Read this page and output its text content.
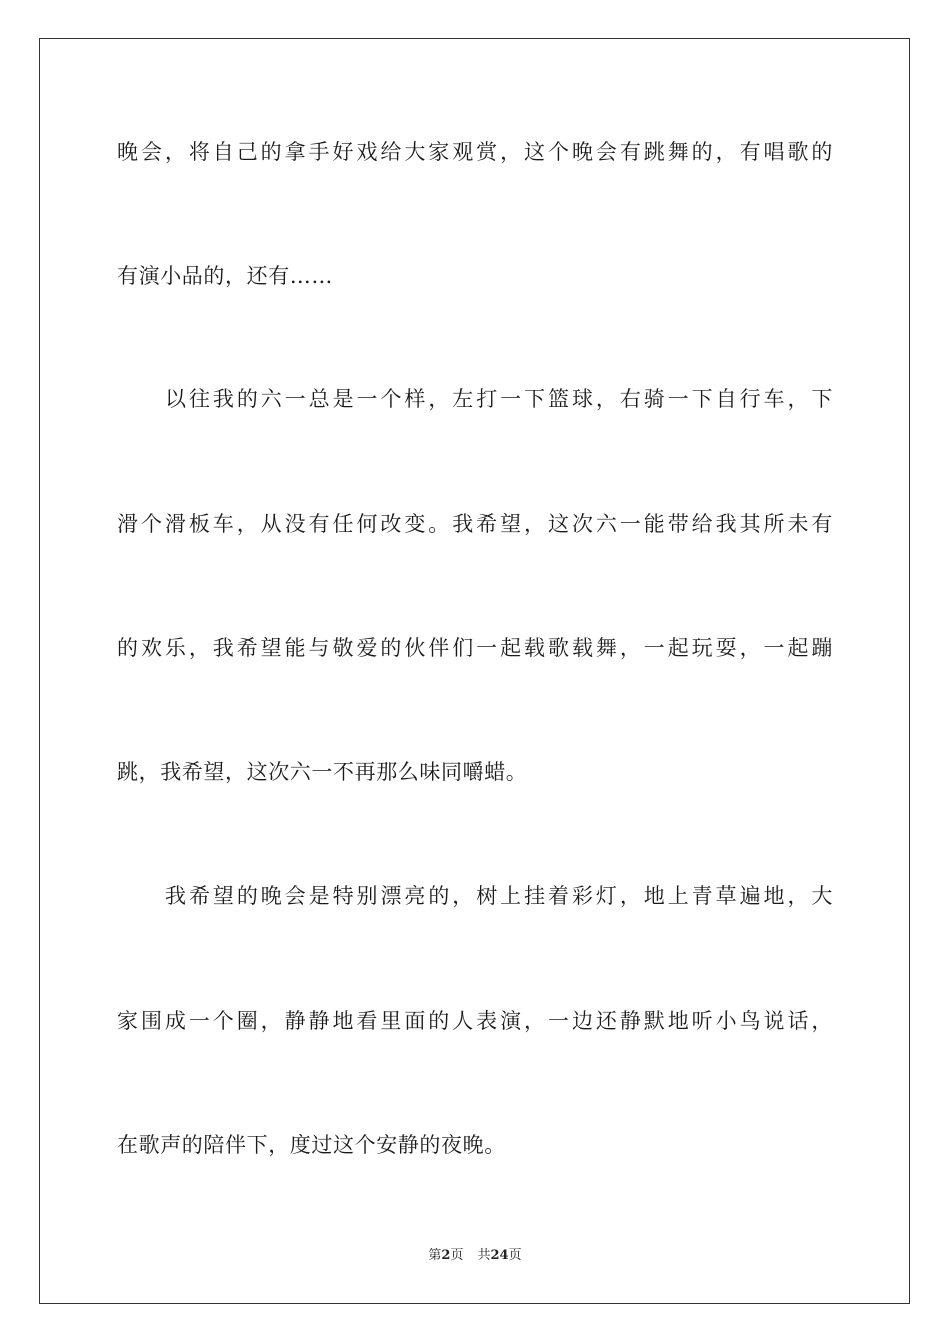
晚会，将自己的拿手好戏给大家观赏，这个晚会有跳舞的，有唱歌的
有演小品的，还有……
以往我的六一总是一个样，左打一下篮球，右骑一下自行车，下
滑个滑板车，从没有任何改变。我希望，这次六一能带给我其所未有
的欢乐，我希望能与敬爱的伙伴们一起载歌载舞，一起玩耍，一起蹦
跳，我希望，这次六一不再那么味同嚼蜡。
我希望的晚会是特别漂亮的，树上挂着彩灯，地上青草遍地，大
家围成一个圈，静静地看里面的人表演，一边还静默地听小鸟说话，
在歌声的陪伴下，度过这个安静的夜晚。
第2页 共24页
